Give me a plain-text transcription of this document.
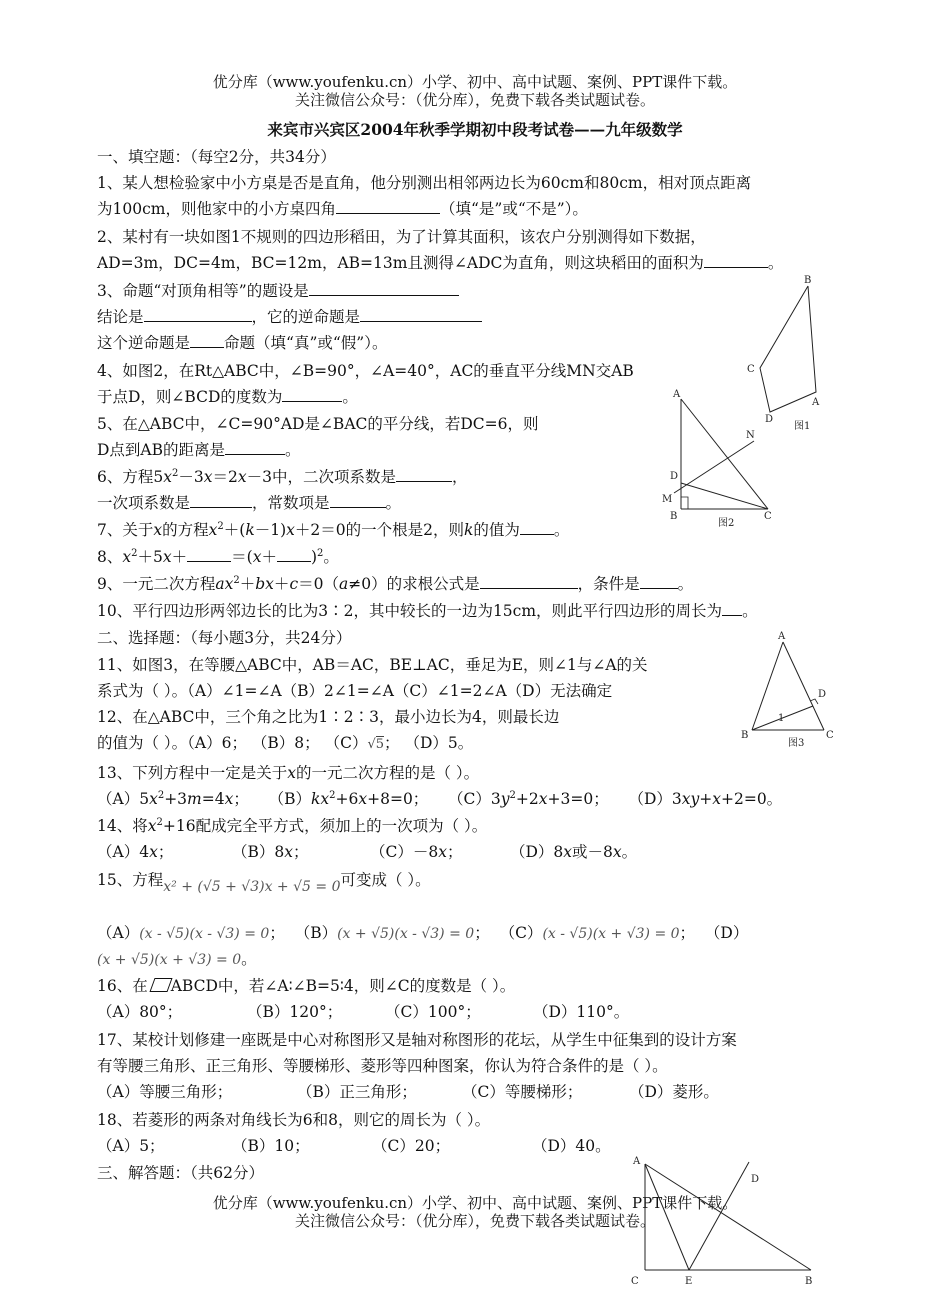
优分库（www.youfenku.cn）小学、初中、高中试题、案例、PPT课件下载。
关注微信公众号：（优分库），免费下载各类试题试卷。
来宾市兴宾区2004年秋季学期初中段考试卷——九年级数学
一、填空题：（每空2分，共34分）
1、某人想检验家中小方桌是否是直角，他分别测出相邻两边长为60cm和80cm，相对顶点距离
为100cm，则他家中的小方桌四角	（填“是”或“不是”）。
2、某村有一块如图1不规则的四边形稻田，为了计算其面积，该农户分别测得如下数据，
AD=3m，DC=4m，BC=12m，AB=13m且测得∠ADC为直角，则这块稻田的面积为	。
3、命题“对顶角相等”的题设是
结论是	，它的逆命题是
这个逆命题是 命题（填“真”或“假”）。
4、如图2，在Rt△ABC中，∠B=90°，∠A=40°，AC的垂直平分线MN交AB
于点D，则∠BCD的度数为	。
5、在△ABC中，∠C=90°AD是∠BAC的平分线，若DC=6，则
D点到AB的距离是	。
6、方程$5x^2-3x=2x-3$中，二次项系数是	，
一次项系数是	，常数项是	。
7、关于x的方程$x^2+(k-1)x+2=0$的一个根是2，则k的值为 。
8、$x^2+5x+$	$=(x+ )^2$。
9、一元二次方程$ax^2+bx+c=0(a\ne 0)$的求根公式是	，条件是 。
10、平行四边形两邻边长的比为3∶2，其中较长的一边为15cm，则此平行四边形的周长为 。
二、选择题：（每小题3分，共24分）
11、如图3，在等腰△ABC中，AB＝AC，BE⊥AC，垂足为E，则∠1与∠A的关
系式为（ ）。（A）∠1=∠A（B）2∠1=∠A（C）∠1=2∠A（D）无法确定
12、在△ABC中，三个角之比为1∶2∶3，最小边长为4，则最长边
的值为（ ）。（A）6； （B）8； （C）√5； （D）5。
13、下列方程中一定是关于x的一元二次方程的是（ ）。
$(A)5x^2+3m=4x$； $(B)kx^2+6x+8=0$； $(C)3y^2+2x+3=0$； （D）3xy+x+2=0。
14、将$x^2+16$配成完全平方式，须加上的一次项为（ ）。
（A）4x；	（B）8x；	（C）－8x；	（D）8x或－8x。
15、方程x² + (√5 + √3)x + √5 = 0可变成（ ）。
（A）(x - √5)(x - √3) = 0； （B）(x + √5)(x - √3) = 0； （C）(x - √5)(x + √3) = 0； （D）
(x + √5)(x + √3) = 0。
16、在 ABCD中，若∠A∶∠B=5∶4，则∠C的度数是（ ）。
（A）80°；	（B）120°；	（C）100°；	（D）110°。
17、某校计划修建一座既是中心对称图形又是轴对称图形的花坛，从学生中征集到的设计方案
有等腰三角形、正三角形、等腰梯形、菱形等四种图案，你认为符合条件的是（ ）。
（A）等腰三角形；	（B）正三角形；	（C）等腰梯形；	（D）菱形。
18、若菱形的两条对角线长为6和8，则它的周长为（ ）。
（A）5；	（B）10；	（C）20；	（D）40。
三、解答题：（共62分）
优分库（www.youfenku.cn）小学、初中、高中试题、案例、PPT课件下载。
关注微信公众号：（优分库），免费下载各类试题试卷。
B
C
D
A
图1
A
N
D
M
B	C
图2
A
D
1
B	C
图3
A
D
C	E	B
